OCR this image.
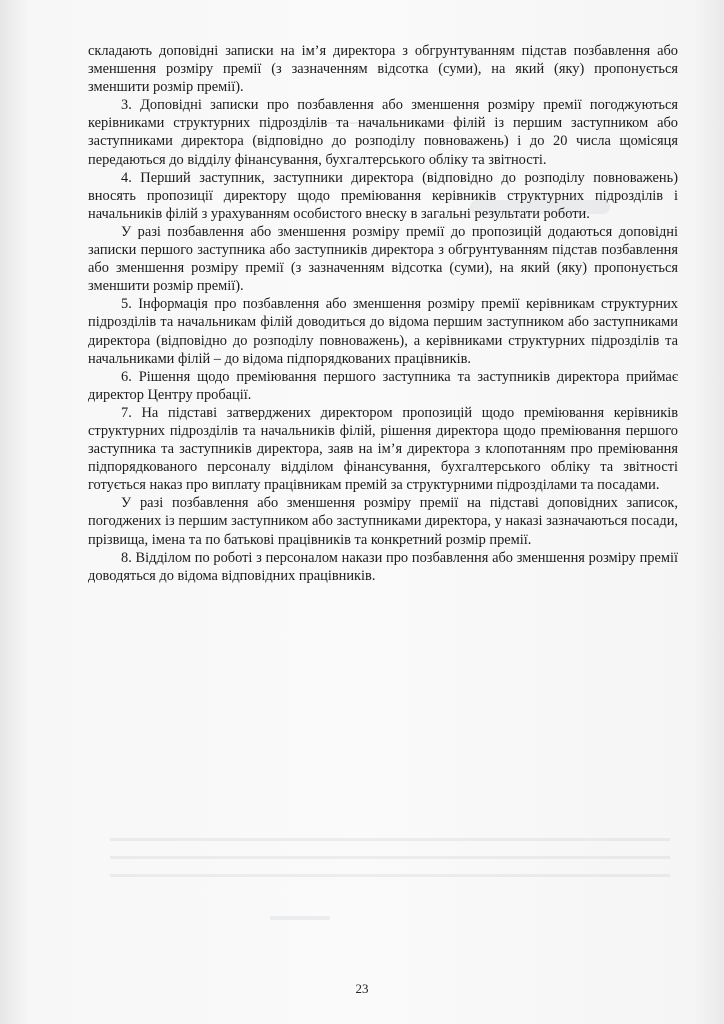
складають доповідні записки на ім’я директора з обгрунтуванням підстав позбавлення або зменшення розміру премії (з зазначенням відсотка (суми), на який (яку) пропонується зменшити розмір премії).

3. Доповідні записки про позбавлення або зменшення розміру премії погоджуються керівниками структурних підрозділів та начальниками філій із першим заступником або заступниками директора (відповідно до розподілу повноважень) і до 20 числа щомісяця передаються до відділу фінансування, бухгалтерського обліку та звітності.

4. Перший заступник, заступники директора (відповідно до розподілу повноважень) вносять пропозиції директору щодо преміювання керівників структурних підрозділів і начальників філій з урахуванням особистого внеску в загальні результати роботи.

У разі позбавлення або зменшення розміру премії до пропозицій додаються доповідні записки першого заступника або заступників директора з обгрунтуванням підстав позбавлення або зменшення розміру премії (з зазначенням відсотка (суми), на який (яку) пропонується зменшити розмір премії).

5. Інформація про позбавлення або зменшення розміру премії керівникам структурних підрозділів та начальникам філій доводиться до відома першим заступником або заступниками директора (відповідно до розподілу повноважень), а керівниками структурних підрозділів та начальниками філій – до відома підпорядкованих працівників.

6. Рішення щодо преміювання першого заступника та заступників директора приймає директор Центру пробації.

7. На підставі затверджених директором пропозицій щодо преміювання керівників структурних підрозділів та начальників філій, рішення директора щодо преміювання першого заступника та заступників директора, заяв на ім’я директора з клопотанням про преміювання підпорядкованого персоналу відділом фінансування, бухгалтерського обліку та звітності готується наказ про виплату працівникам премій за структурними підрозділами та посадами.

У разі позбавлення або зменшення розміру премії на підставі доповідних записок, погоджених із першим заступником або заступниками директора, у наказі зазначаються посади, прізвища, імена та по батькові працівників та конкретний розмір премії.

8. Відділом по роботі з персоналом накази про позбавлення або зменшення розміру премії доводяться до відома відповідних працівників.

23
